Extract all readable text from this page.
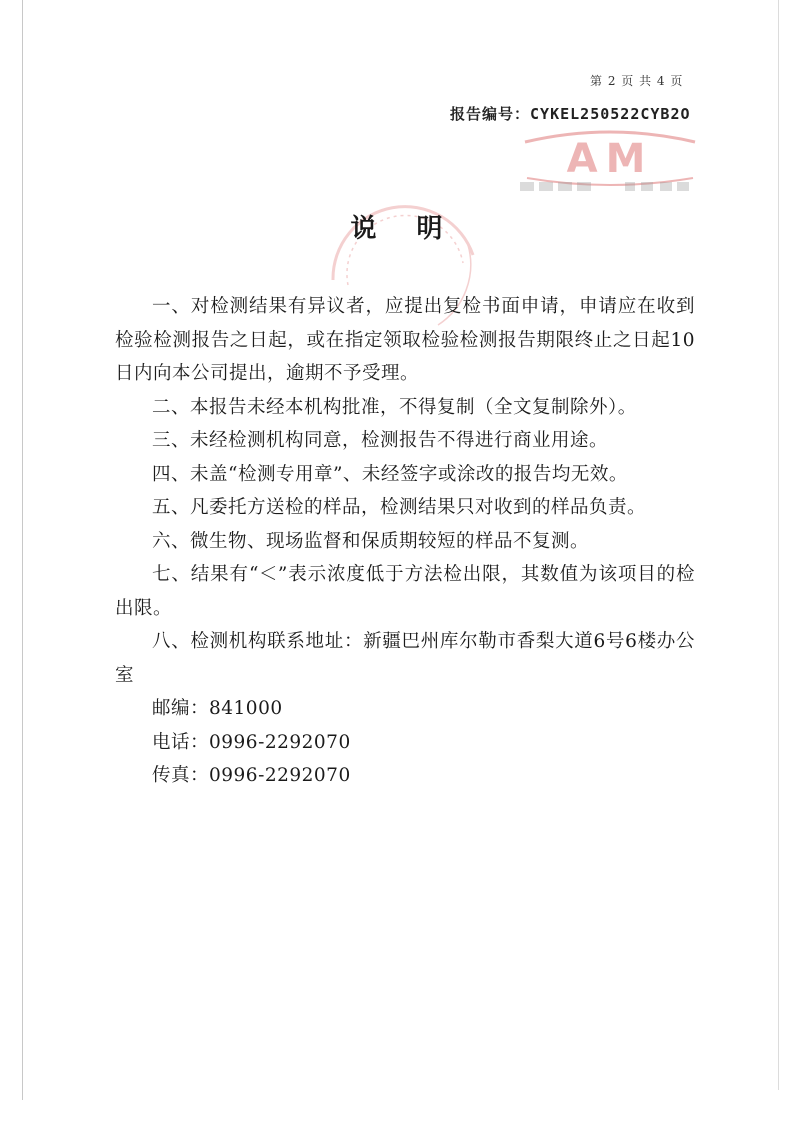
第 2 页 共 4 页
报告编号：CYKEL250522CYB2O
AM
说明

一、对检测结果有异议者，应提出复检书面申请，申请应在收到检验检测报告之日起，或在指定领取检验检测报告期限终止之日起10日内向本公司提出，逾期不予受理。

二、本报告未经本机构批准，不得复制（全文复制除外）。

三、未经检测机构同意，检测报告不得进行商业用途。

四、未盖“检测专用章”、未经签字或涂改的报告均无效。

五、凡委托方送检的样品，检测结果只对收到的样品负责。

六、微生物、现场监督和保质期较短的样品不复测。

七、结果有“＜”表示浓度低于方法检出限，其数值为该项目的检出限。

八、检测机构联系地址：新疆巴州库尔勒市香梨大道6号6楼办公室

邮编：841000

电话：0996-2292070

传真：0996-2292070
